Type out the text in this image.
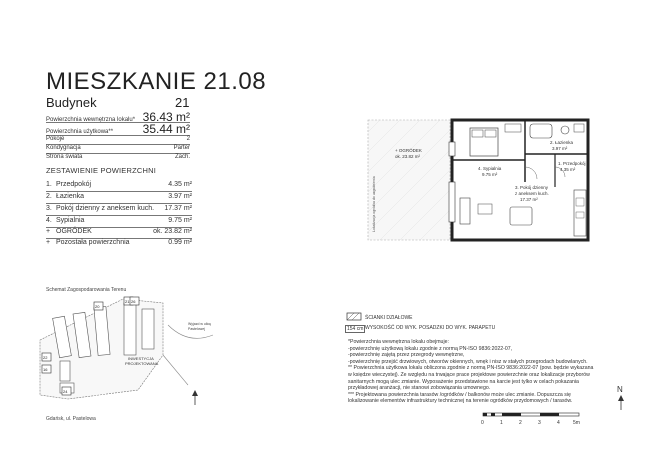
MIESZKANIE 21.08
Budynek	21
Powierzchnia wewnętrzna lokalu* 36.43 m²
Powierzchnia użytkowa** 35.44 m²
Pokoje	2
Kondygnacja	Parter
Strona świata	Zach.
ZESTAWIENIE POWIERZCHNI
1. Przedpokój	4.35 m²
2. Łazienka	3.97 m²
3. Pokój dzienny z aneksem kuch.	17.37 m²
4. Sypialnia	9.75 m²
+ OGRÓDEK	ok. 23.82 m²
+ Pozostała powierzchnia	0.99 m²
+ OGRÓDEK
ok. 23.82 m²
4. Sypialnia
9.75 m²
2. Łazienka
3.97 m²
1. Przedpokój
4.35 m²
3. Pokój dzienny
z aneksem kuch.
17.37 m²
Lokalizacja ogródka do uzgodnienia
ŚCIANKI DZIAŁOWE
154 cm WYSOKOŚĆ OD WYK. POSADZKI DO WYK. PARAPETU
*Powierzchnia wewnętrzna lokalu obejmuje:
-powierzchnię użytkową lokalu zgodnie z normą PN-ISO 9836:2022-07,
-powierzchnię zajętą przez przegrody wewnętrzne,
-powierzchnię przejść drzwiowych, otworów okiennych, wnęk i nisz w stałych przegrodach budowlanych.
** Powierzchnia użytkowa lokalu obliczona zgodnie z normą PN-ISO 9836:2022-07 (pow. będzie wykazana
w księdze wieczystej). Ze względu na trwające prace projektowe powierzchnie oraz lokalizacje przyborów
sanitarnych mogą ulec zmianie. Wyposażenie przedstawione na karcie jest tylko w celach pokazania
przykładowej aranżacji, nie stanowi zobowiązania umownego.
*** Projektowana powierzchnia tarasów /ogródków / balkonów może ulec zmianie. Dopuszcza się
lokalizowanie elementów infrastruktury technicznej na terenie ogródków przydomowych / tarasów.
0	1	2	3	4	5m
N
Schemat Zagospodarowania Terenu
20
21
22
16
24
26
Wyjazd w ulicę
Pastelowej
INWESTYCJA
PROJEKTOWANA
Gdańsk, ul. Pastelowa
